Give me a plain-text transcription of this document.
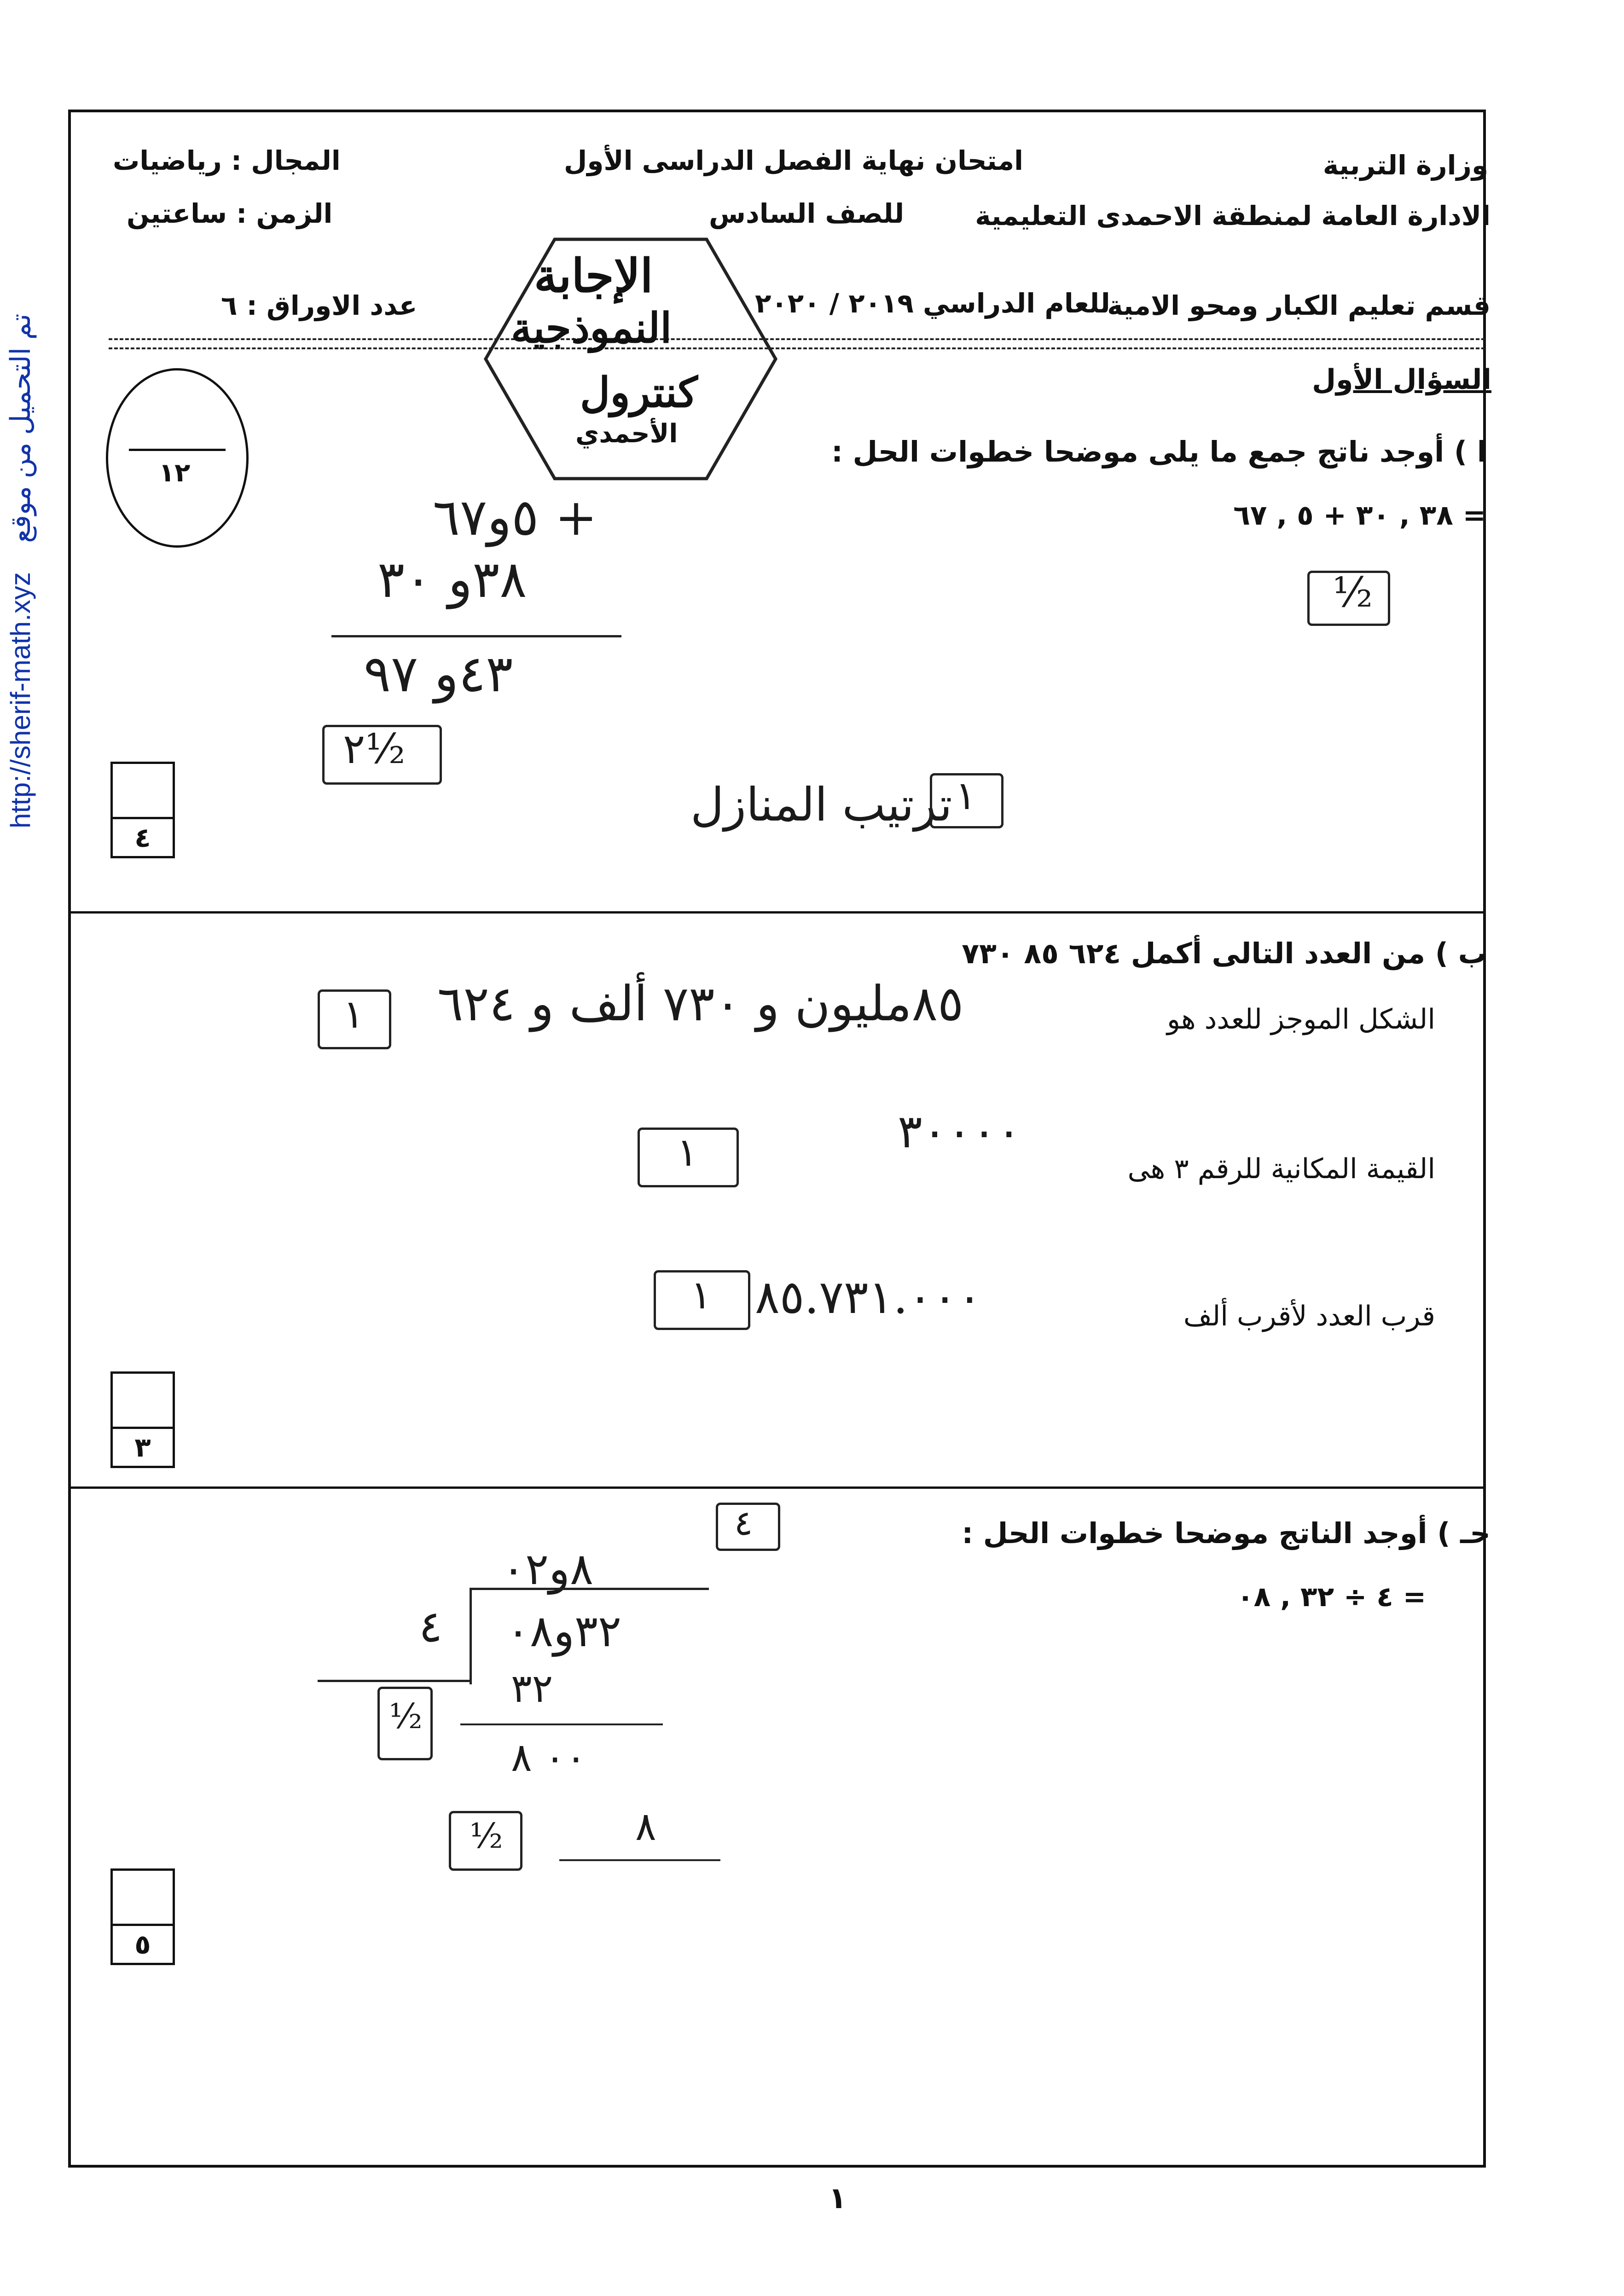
http://sherif-math.xyz  تم التحميل من موقع
وزارة التربية
امتحان نهاية الفصل الدراسى الأول
المجال : رياضيات
الادارة العامة لمنطقة الاحمدى التعليمية
للصف السادس
الزمن : ساعتين
قسم تعليم الكبار ومحو الامية
للعام الدراسي ٢٠١٩ / ٢٠٢٠
عدد الاوراق : ٦
الإجابة
النموذجية
كنترول
الأحمدي
١٢
السؤال الأول
ا ) أوجد ناتج جمع ما يلى موضحا خطوات الحل :
= ٣٨ , ٣٠ + ٥ , ٦٧
٥و٦٧ +
٣٨و ٣٠
٤٣و ٩٧
½
٢½
ترتيب المنازل ١
٤
ب ) من العدد التالى أكمل ٦٢٤ ٨٥ ٧٣٠
الشكل الموجز للعدد هو
٨٥مليون و ٧٣٠ ألف و ٦٢٤
١
القيمة المكانية للرقم ٣ هى
٣٠٠٠٠
١
قرب العدد لأقرب ألف
٨٥.٧٣١.٠٠٠
١
٣
حـ ) أوجد الناتج موضحا خطوات الحل :
= ٤ ÷ ٣٢ , ٠٨
٤
٨و٠٢
٤ ٣٢و٠٨
٣٢
٠٠ ٨
٨
½
½
٥
١
